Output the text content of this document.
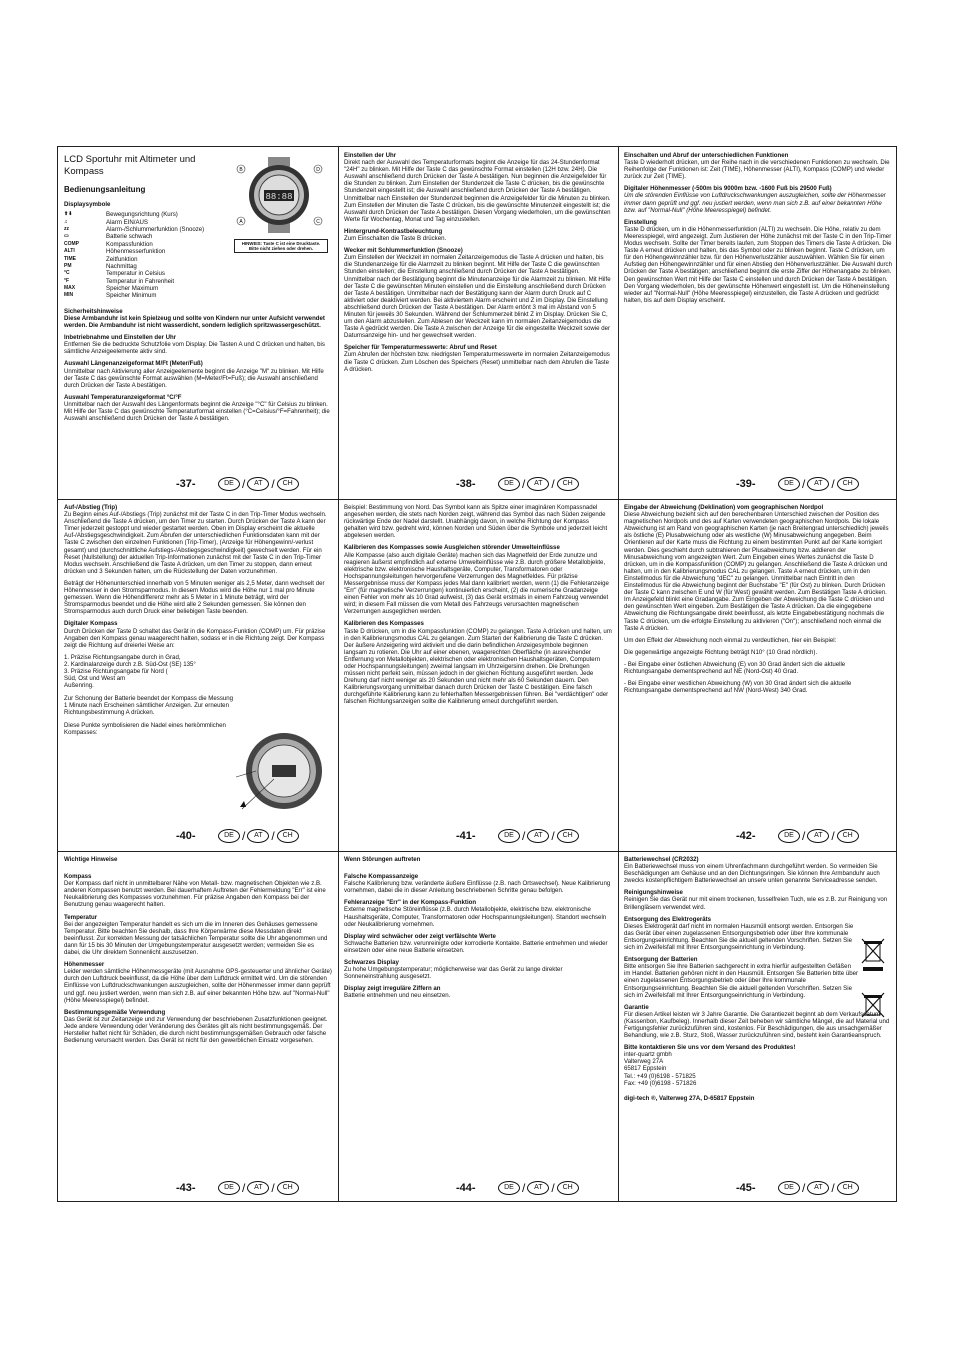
LCD Sportuhr mit Altimeter und Kompass
Bedienungsanleitung
Displaysymbole
⬆⬇	Bewegungsrichtung (Kurs)
♫	Alarm EIN/AUS
zz	Alarm-/Schlummerfunktion (Snooze)
▭	Batterie schwach
COMP	Kompassfunktion
ALTI	Höhenmesserfunktion
TIME	Zeitfunktion
PM	Nachmittag
°C	Temperatur in Celsius
°F	Temperatur in Fahrenheit
MAX	Speicher Maximum
MIN	Speicher Minimum
88:88
B	D
A	C
HINWEIS: Taste C ist eine Drucktaste. Bitte nicht ziehen oder drehen.
Sicherheitshinweise

Diese Armbanduhr ist kein Spielzeug und sollte von Kindern nur unter Aufsicht verwendet werden. Die Armbanduhr ist nicht wasserdicht, sondern lediglich spritzwassergeschützt.

Inbetriebnahme und Einstellen der Uhr

Entfernen Sie die bedruckte Schutzfolie vom Display. Die Tasten A und C drücken und halten, bis sämtliche Anzeigeelemente aktiv sind.

Auswahl Längenanzeigeformat M/Ft (Meter/Fuß)

Unmittelbar nach Aktivierung aller Anzeigeelemente beginnt die Anzeige "M" zu blinken. Mit Hilfe der Taste C das gewünschte Format auswählen (M=Meter/Ft=Fuß); die Auswahl anschließend durch Drücken der Taste A bestätigen.

Auswahl Temperaturanzeigeformat °C/°F

Unmittelbar nach der Auswahl des Längenformats beginnt die Anzeige "°C" für Celsius zu blinken. Mit Hilfe der Taste C das gewünschte Temperaturformat einstellen (°C=Celsius/°F=Fahrenheit); die Auswahl anschließend durch Drücken der Taste A bestätigen.

-37-	DE /	AT /	CH
Einstellen der Uhr

Direkt nach der Auswahl des Temperaturformats beginnt die Anzeige für das 24-Stundenformat "24H" zu blinken. Mit Hilfe der Taste C das gewünschte Format einstellen (12H bzw. 24H). Die Auswahl anschließend durch Drücken der Taste A bestätigen. Nun beginnen die Anzeigefelder für die Stunden zu blinken. Zum Einstellen der Stundenzeit die Taste C drücken, bis die gewünschte Stundenzeit eingestellt ist; die Auswahl anschließend durch Drücken der Taste A bestätigen. Unmittelbar nach Einstellen der Stundenzeit beginnen die Anzeigefelder für die Minuten zu blinken. Zum Einstellen der Minuten die Taste C drücken, bis die gewünschte Minutenzeit eingestellt ist; die Auswahl durch Drücken der Taste A bestätigen. Diesen Vorgang wiederholen, um die gewünschten Werte für Wochentag, Monat und Tag einzustellen.

Hintergrund-Kontrastbeleuchtung

Zum Einschalten die Taste B drücken.

Wecker mit Schlummerfunktion (Snooze)

Zum Einstellen der Weckzeit im normalen Zeitanzeigemodus die Taste A drücken und halten, bis die Stundenanzeige für die Alarmzeit zu blinken beginnt. Mit Hilfe der Taste C die gewünschten Stunden einstellen; die Einstellung anschließend durch Drücken der Taste A bestätigen. Unmittelbar nach der Bestätigung beginnt die Minutenanzeige für die Alarmzeit zu blinken. Mit Hilfe der Taste C die gewünschten Minuten einstellen und die Einstellung anschließend durch Drücken der Taste A bestätigen. Unmittelbar nach der Bestätigung kann der Alarm durch Druck auf C aktiviert oder deaktiviert werden. Bei aktiviertem Alarm erscheint und Z im Display. Die Einstellung abschließend durch Drücken der Taste A bestätigen. Der Alarm ertönt 3 mal im Abstand von 5 Minuten für jeweils 30 Sekunden. Während der Schlummerzeit blinkt Z im Display. Drücken Sie C, um den Alarm abzustellen. Zum Ablesen der Weckzeit kann im normalen Zeitanzeigemodus die Taste A gedrückt werden. Die Taste A zwischen der Anzeige für die eingestellte Weckzeit sowie der Datumsanzeige hin- und her gewechselt werden.

Speicher für Temperaturmesswerte: Abruf und Reset

Zum Abrufen der höchsten bzw. niedrigsten Temperaturmesswerte im normalen Zeitanzeigemodus die Taste C drücken. Zum Löschen des Speichers (Reset) unmittelbar nach dem Abrufen die Taste A drücken.

-38-	DE /	AT /	CH
Einschalten und Abruf der unterschiedlichen Funktionen

Taste D wiederholt drücken, um der Reihe nach in die verschiedenen Funktionen zu wechseln. Die Reihenfolge der Funktionen ist: Zeit (TIME), Höhenmesser (ALTI), Kompass (COMP) und wieder zurück zur Zeit (TIME).

Digitaler Höhenmesser (-500m bis 9000m bzw. -1600 Fuß bis 29500 Fuß)

Um die störenden Einflüsse von Luftdruckschwankungen auszugleichen, sollte der Höhenmesser immer dann geprüft und ggf. neu justiert werden, wenn man sich z.B. auf einer bekannten Höhe bzw. auf "Normal-Null" (Höhe Meeresspiegel) befindet.

Einstellung

Taste D drücken, um in die Höhenmesserfunktion (ALTI) zu wechseln. Die Höhe, relativ zu dem Meeresspiegel, wird angezeigt. Zum Justieren der Höhe zunächst mit der Taste C in den Trip-Timer Modus wechseln. Sollte der Timer bereits laufen, zum Stoppen des Timers die Taste A drücken. Die Taste A erneut drücken und halten, bis das Symbol oder zu blinken beginnt. Taste C drücken, um für den Höhengewinnzähler bzw. für den Höhenverlustzähler auszuwählen. Wählen Sie für einen Aufstieg den Höhengewinnzähler und für einen Abstieg den Höhenverlustzähler. Die Auswahl durch Drücken der Taste A bestätigen; anschließend beginnt die erste Ziffer der Höhenangabe zu blinken. Den gewünschten Wert mit Hilfe der Taste C einstellen und durch Drücken der Taste A bestätigen. Den Vorgang wiederholen, bis der gewünschte Höhenwert eingestellt ist. Um die Höheneinstellung wieder auf "Normal-Null" (Höhe Meeresspiegel) einzustellen, die Taste A drücken und gedrückt halten, bis auf dem Display erscheint.

-39-	DE /	AT /	CH
Auf-/Abstieg (Trip)

Zu Beginn eines Auf-/Abstiegs (Trip) zunächst mit der Taste C in den Trip-Timer Modus wechseln. Anschließend die Taste A drücken, um den Timer zu starten. Durch Drücken der Taste A kann der Timer jederzeit gestoppt und wieder gestartet werden. Oben im Display erscheint die aktuelle Auf-/Abstiegsgeschwindigkeit. Zum Abrufen der unterschiedlichen Funktionsdaten kann mit der Taste C zwischen den einzelnen Funktionen (Trip-Timer), (Anzeige für Höhengewinn/-verlust gesamt) und (durchschnittliche Aufstiegs-/Abstiegsgeschwindigkeit) gewechselt werden. Für ein Reset (Nullstellung) der aktuellen Trip-Informationen zunächst mit der Taste C in den Trip-Timer Modus wechseln. Anschließend die Taste A drücken, um den Timer zu stoppen, dann erneut drücken und 3 Sekunden halten, um die Rückstellung der Daten vorzunehmen.

Beträgt der Höhenunterschied innerhalb von 5 Minuten weniger als 2,5 Meter, dann wechselt der Höhenmesser in den Stromsparmodus. In diesem Modus wird die Höhe nur 1 mal pro Minute gemessen. Wenn die Höhendifferenz mehr als 5 Meter in 1 Minute beträgt, wird der Stromsparmodus beendet und die Höhe wird alle 2 Sekunden gemessen. Sie können den Stromsparmodus auch durch Druck einer beliebigen Taste beenden.

Digitaler Kompass

Durch Drücken der Taste D schaltet das Gerät in die Kompass-Funktion (COMP) um. Für präzise Angaben den Kompass genau waagerecht halten, sodass er in die Richtung zeigt. Der Kompass zeigt die Richtung auf dreierlei Weise an:

1. Präzise Richtungsangabe durch in Grad,
2. Kardinalanzeige durch z.B. Süd-Ost (SE) 135°
3. Präzise Richtungsangabe für Nord (
Süd, Ost und West am
Außenring.

Zur Schonung der Batterie beendet der Kompass die Messung 1 Minute nach Erscheinen sämtlicher Anzeigen. Zur erneuten Richtungsbestimmung A drücken.

Diese Punkte symbolisieren die Nadel eines herkömmlichen Kompasses:

-40-	DE /	AT /	CH

Beispiel: Bestimmung von Nord. Das Symbol kann als Spitze einer imaginären Kompassnadel angesehen werden, die stets nach Norden zeigt, während das Symbol das nach Süden zeigende rückwärtige Ende der Nadel darstellt. Unabhängig davon, in welche Richtung der Kompass gehalten wird bzw. gedreht wird, können Norden und Süden über die Symbole und jederzeit leicht abgelesen werden.

Kalibrieren des Kompasses sowie Ausgleichen störender Umwelteinflüsse

Alle Kompasse (also auch digitale Geräte) machen sich das Magnetfeld der Erde zunutze und reagieren äußerst empfindlich auf externe Umwelteinflüsse wie z.B. durch größere Metallobjekte, elektrische bzw. elektronische Haushaltsgeräte, Computer, Transformatoren oder Hochspannungsleitungen hervorgerufene Verzerrungen des Magnetfeldes. Für präzise Messergebnisse muss der Kompass jedes Mal dann kalibriert werden, wenn (1) die Fehleranzeige "Err" (für magnetische Verzerrungen) kontinuierlich erscheint, (2) die numerische Gradanzeige einen Fehler von mehr als 10 Grad aufweist, (3) das Gerät erstmals in einem Fahrzeug verwendet wird; in diesem Fall müssen die vom Metall des Fahrzeugs verursachten magnetischen Verzerrungen ausgeglichen werden.

Kalibrieren des Kompasses

Taste D drücken, um in die Kompassfunktion (COMP) zu gelangen. Taste A drücken und halten, um in den Kalibrierungsmodus CAL zu gelangen. Zum Starten der Kalibrierung die Taste C drücken. Der äußere Anzeigering wird aktiviert und die darin befindlichen Anzeigesymbole beginnen langsam zu rotieren. Die Uhr auf einer ebenen, waagerechten Oberfläche (in ausreichender Entfernung von Metallobjekten, elektrischen oder elektronischen Haushaltsgeräten, Computern oder Hochspannungsleitungen) zweimal langsam im Uhrzeigersinn drehen. Die Drehungen müssen nicht perfekt sein, müssen jedoch in der gleichen Richtung ausgeführt werden. Jede Drehung darf nicht weniger als 20 Sekunden und nicht mehr als 60 Sekunden dauern. Den Kalibrierungsvorgang unmittelbar danach durch Drücken der Taste C bestätigen. Eine falsch durchgeführte Kalibrierung kann zu fehlerhaften Messergebnissen führen. Bei "verdächtigen" oder falschen Richtungsanzeigen sollte die Kalibrierung erneut durchgeführt werden.

-41-	DE /	AT /	CH
Eingabe der Abweichung (Deklination) vom geographischen Nordpol

Diese Abweichung bezieht sich auf den berechenbaren Unterschied zwischen der Position des magnetischen Nordpols und des auf Karten verwendeten geographischen Nordpols. Die lokale Abweichung ist am Rand von geographischen Karten (je nach Breitengrad unterschiedlich) jeweils als östliche (E) Plusabweichung oder als westliche (W) Minusabweichung angegeben. Beim Orientieren auf der Karte muss die Richtung zu einem bestimmten Punkt auf der Karte korrigiert werden. Dies geschieht durch subtrahieren der Plusabweichung bzw. addieren der Minusabweichung vom angezeigten Wert. Zum Eingeben eines Wertes zunächst die Taste D drücken, um in die Kompassfunktion (COMP) zu gelangen. Anschließend die Taste A drücken und halten, um in den Kalibrierungsmodus CAL zu gelangen. Taste A erneut drücken, um in den Einstellmodus für die Abweichung "dEC" zu gelangen. Unmittelbar nach Eintritt in den Einstellmodus für die Abweichung beginnt der Buchstabe "E" (für Ost) zu blinken. Durch Drücken der Taste C kann zwischen E und W (für West) gewählt werden. Zum Bestätigen Taste A drücken. Im Anzeigefeld blinkt eine Gradangabe. Zum Eingeben der Abweichung die Taste C drücken und den gewünschten Wert eingeben. Zum Bestätigen die Taste A drücken. Da die eingegebene Abweichung die Richtungsangabe direkt beeinflusst, als letzte Eingabebestätigung nochmals die Taste C drücken, um die erfolgte Einstellung zu aktivieren ("On"); anschließend noch einmal die Taste A drücken.

Um den Effekt der Abweichung noch einmal zu verdeutlichen, hier ein Beispiel:

Die gegenwärtige angezeigte Richtung beträgt N10° (10 Grad nördlich).

- Bei Eingabe einer östlichen Abweichung (E) von 30 Grad ändert sich die aktuelle Richtungsangabe dementsprechend auf NE (Nord-Ost) 40 Grad.

- Bei Eingabe einer westlichen Abweichung (W) von 30 Grad ändert sich die aktuelle Richtungsangabe dementsprechend auf NW (Nord-West) 340 Grad.

-42-	DE /	AT /	CH
Wichtige Hinweise
Kompass

Der Kompass darf nicht in unmittelbarer Nähe von Metall- bzw. magnetischen Objekten wie z.B. anderen Kompassen benutzt werden. Bei dauerhaftem Auftreten der Fehlermeldung "Err" ist eine Neukalibrierung des Kompasses vorzunehmen. Für präzise Angaben den Kompass bei der Benutzung genau waagerecht halten.

Temperatur

Bei der angezeigten Temperatur handelt es sich um die im Inneren des Gehäuses gemessene Temperatur. Bitte beachten Sie deshalb, dass Ihre Körperwärme diese Messdaten direkt beeinflusst. Zur korrekten Messung der tatsächlichen Temperatur sollte die Uhr abgenommen und dann für 15 bis 30 Minuten der Umgebungstemperatur ausgesetzt werden; vermeiden Sie es dabei, die Uhr direktem Sonnenlicht auszusetzen.

Höhenmesser

Leider werden sämtliche Höhenmessgeräte (mit Ausnahme GPS-gesteuerter und ähnlicher Geräte) durch den Luftdruck beeinflusst, da die Höhe über dem Luftdruck ermittelt wird. Um die störenden Einflüsse von Luftdruckschwankungen auszugleichen, sollte der Höhenmesser immer dann geprüft und ggf. neu justiert werden, wenn man sich z.B. auf einer bekannten Höhe bzw. auf "Normal-Null" (Höhe Meeresspiegel) befindet.

Bestimmungsgemäße Verwendung

Das Gerät ist zur Zeitanzeige und zur Verwendung der beschriebenen Zusatzfunktionen geeignet. Jede andere Verwendung oder Veränderung des Gerätes gilt als nicht bestimmungsgemäß. Der Hersteller haftet nicht für Schäden, die durch nicht bestimmungsgemäßen Gebrauch oder falsche Bedienung verursacht werden. Das Gerät ist nicht für den gewerblichen Einsatz vorgesehen.

-43-	DE /	AT /	CH
Wenn Störungen auftreten
Falsche Kompassanzeige

Falsche Kalibrierung bzw. veränderte äußere Einflüsse (z.B. nach Ortswechsel). Neue Kalibrierung vornehmen, dabei die in dieser Anleitung beschriebenen Schritte genau befolgen.

Fehleranzeige "Err" in der Kompass-Funktion

Externe magnetische Störeinflüsse (z.B. durch Metallobjekte, elektrische bzw. elektronische Haushaltsgeräte, Computer, Transformatoren oder Hochspannungsleitungen). Standort wechseln oder Neukalibrierung vornehmen.

Display wird schwächer oder zeigt verfälschte Werte

Schwache Batterien bzw. verunreinigte oder korrodierte Kontakte. Batterie entnehmen und wieder einsetzen oder eine neue Batterie einsetzen.

Schwarzes Display

Zu hohe Umgebungstemperatur; möglicherweise war das Gerät zu lange direkter Sonneneinstrahlung ausgesetzt.

Display zeigt irreguläre Ziffern an

Batterie entnehmen und neu einsetzen.

-44-	DE /	AT /	CH
Batteriewechsel (CR2032)

Ein Batteriewechsel muss von einem Uhrenfachmann durchgeführt werden. So vermeiden Sie Beschädigungen am Gehäuse und an den Dichtungsringen. Sie können Ihre Armbanduhr auch zwecks kostenpflichtigem Batteriewechsel an unsere unten genannte Serviceadresse senden.

Reinigungshinweise

Reinigen Sie das Gerät nur mit einem trockenen, fusselfreien Tuch, wie es z.B. zur Reinigung von Brillengläsern verwendet wird.

Entsorgung des Elektrogeräts

Dieses Elektrogerät darf nicht im normalen Hausmüll entsorgt werden. Entsorgen Sie das Gerät über einen zugelassenen Entsorgungsbetrieb oder über Ihre kommunale Entsorgungseinrichtung. Beachten Sie die aktuell geltenden Vorschriften. Setzen Sie sich im Zweifelsfall mit Ihrer Entsorgungseinrichtung in Verbindung.

Entsorgung der Batterien

Bitte entsorgen Sie Ihre Batterien sachgerecht in extra hierfür aufgestellten Gefäßen im Handel. Batterien gehören nicht in den Hausmüll. Entsorgen Sie Batterien bitte über einen zugelassenen Entsorgungsbetrieb oder über Ihre kommunale Entsorgungseinrichtung. Beachten Sie die aktuell geltenden Vorschriften. Setzen Sie sich im Zweifelsfall mit Ihrer Entsorgungseinrichtung in Verbindung.

Garantie

Für diesen Artikel leisten wir 3 Jahre Garantie. Die Garantiezeit beginnt ab dem Verkaufsdatum (Kassenbon, Kaufbeleg). Innerhalb dieser Zeit beheben wir sämtliche Mängel, die auf Material und Fertigungsfehler zurückzuführen sind, kostenlos. Für Beschädigungen, die aus unsachgemäßer Behandlung, wie z.B. Sturz, Stoß, Wasser zurückzuführen sind, besteht kein Garantieanspruch.

Bitte kontaktieren Sie uns vor dem Versand des Produktes!
inter-quartz gmbh
Valterweg 27A
65817 Eppstein
Tel.: +49 (0)6198 - 571825
Fax: +49 (0)6198 - 571826

digi-tech ®, Valterweg 27A, D-65817 Eppstein

-45-	DE /	AT /	CH
